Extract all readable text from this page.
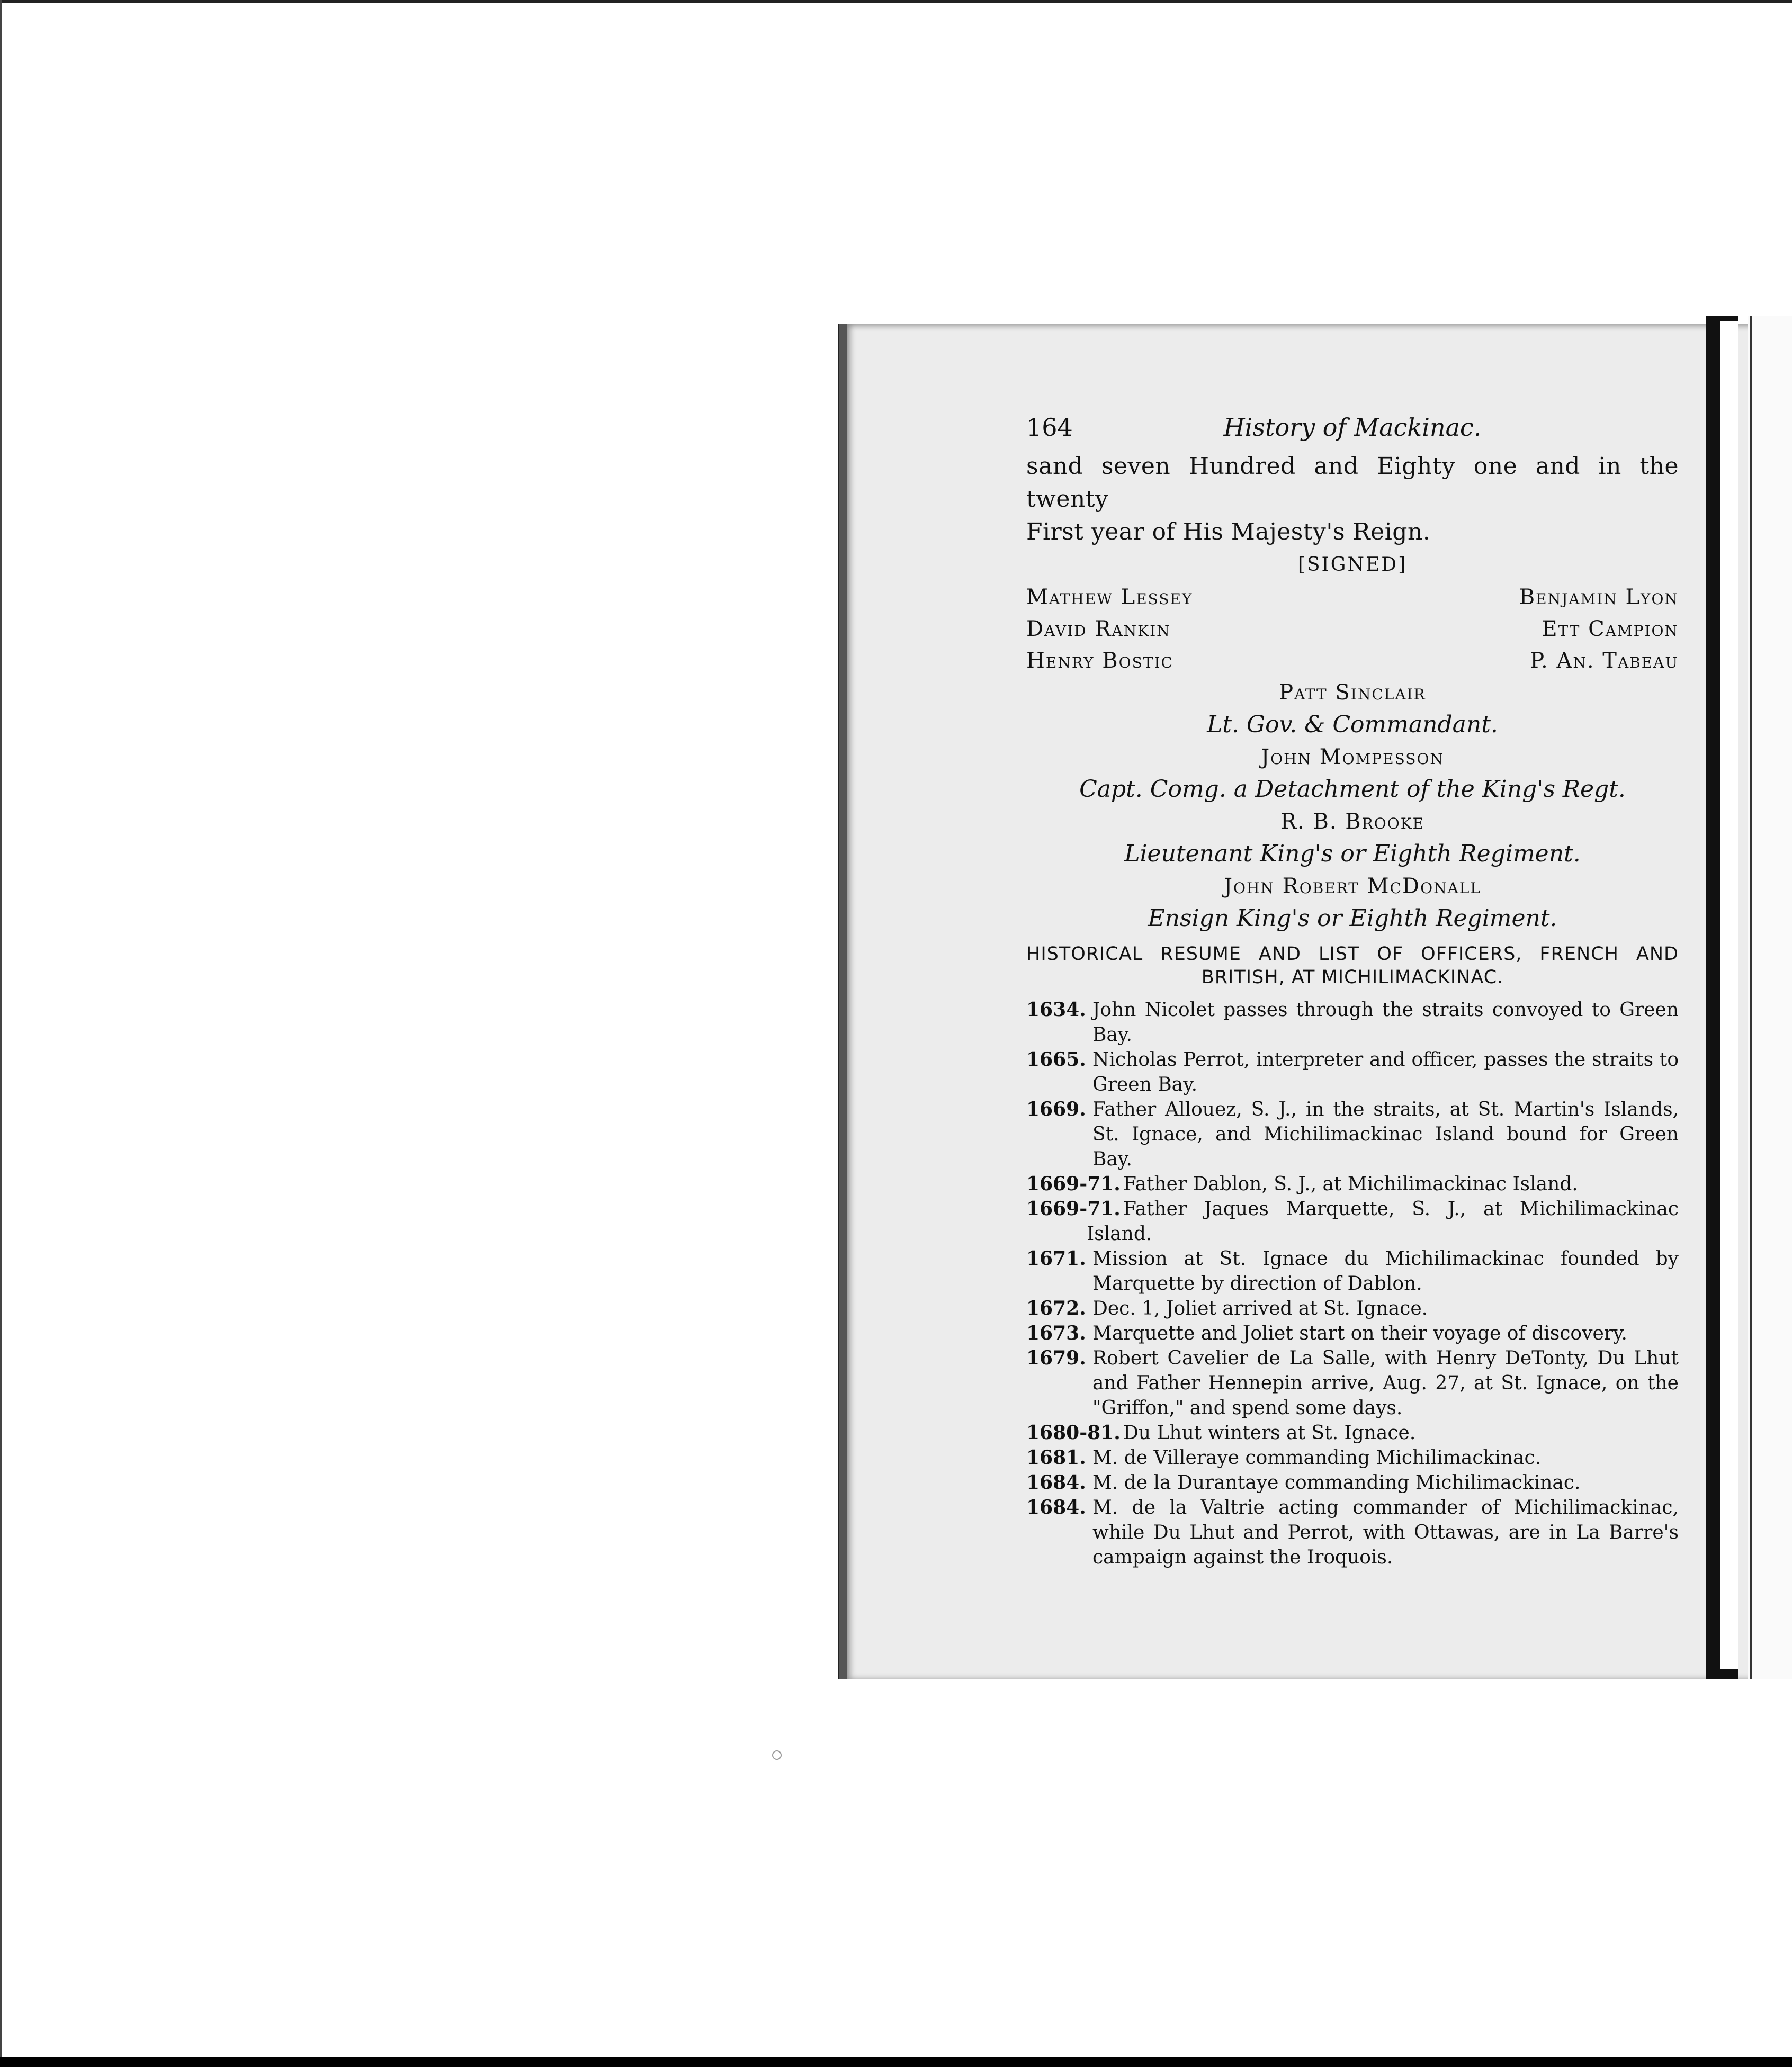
164	History of Mackinac.
sand seven Hundred and Eighty one and in the twenty
First year of His Majesty's Reign.
[SIGNED]
Mathew Lessey	Benjamin Lyon
David Rankin	Ett Campion
Henry Bostic	P. An. Tabeau
Patt Sinclair
Lt. Gov. & Commandant.
John Mompesson
Capt. Comg. a Detachment of the King's Regt.
R. B. Brooke
Lieutenant King's or Eighth Regiment.
John Robert McDonall
Ensign King's or Eighth Regiment.
HISTORICAL RESUME AND LIST OF OFFICERS, FRENCH AND
BRITISH, AT MICHILIMACKINAC.
1634. John Nicolet passes through the straits convoyed to Green Bay.
1665. Nicholas Perrot, interpreter and officer, passes the straits to Green Bay.
1669. Father Allouez, S. J., in the straits, at St. Martin's Islands, St. Ignace, and Michilimackinac Island bound for Green Bay.
1669-71. Father Dablon, S. J., at Michilimackinac Island.
1669-71. Father Jaques Marquette, S. J., at Michilimackinac
Island.
1671. Mission at St. Ignace du Michilimackinac founded by Marquette by direction of Dablon.
1672. Dec. 1, Joliet arrived at St. Ignace.
1673. Marquette and Joliet start on their voyage of discovery.
1679. Robert Cavelier de La Salle, with Henry DeTonty, Du Lhut and Father Hennepin arrive, Aug. 27, at St. Ignace, on the "Griffon," and spend some days.
1680-81. Du Lhut winters at St. Ignace.
1681. M. de Villeraye commanding Michilimackinac.
1684. M. de la Durantaye commanding Michilimackinac.
1684. M. de la Valtrie acting commander of Michilimackinac, while Du Lhut and Perrot, with Ottawas, are in La Barre's campaign against the Iroquois.
